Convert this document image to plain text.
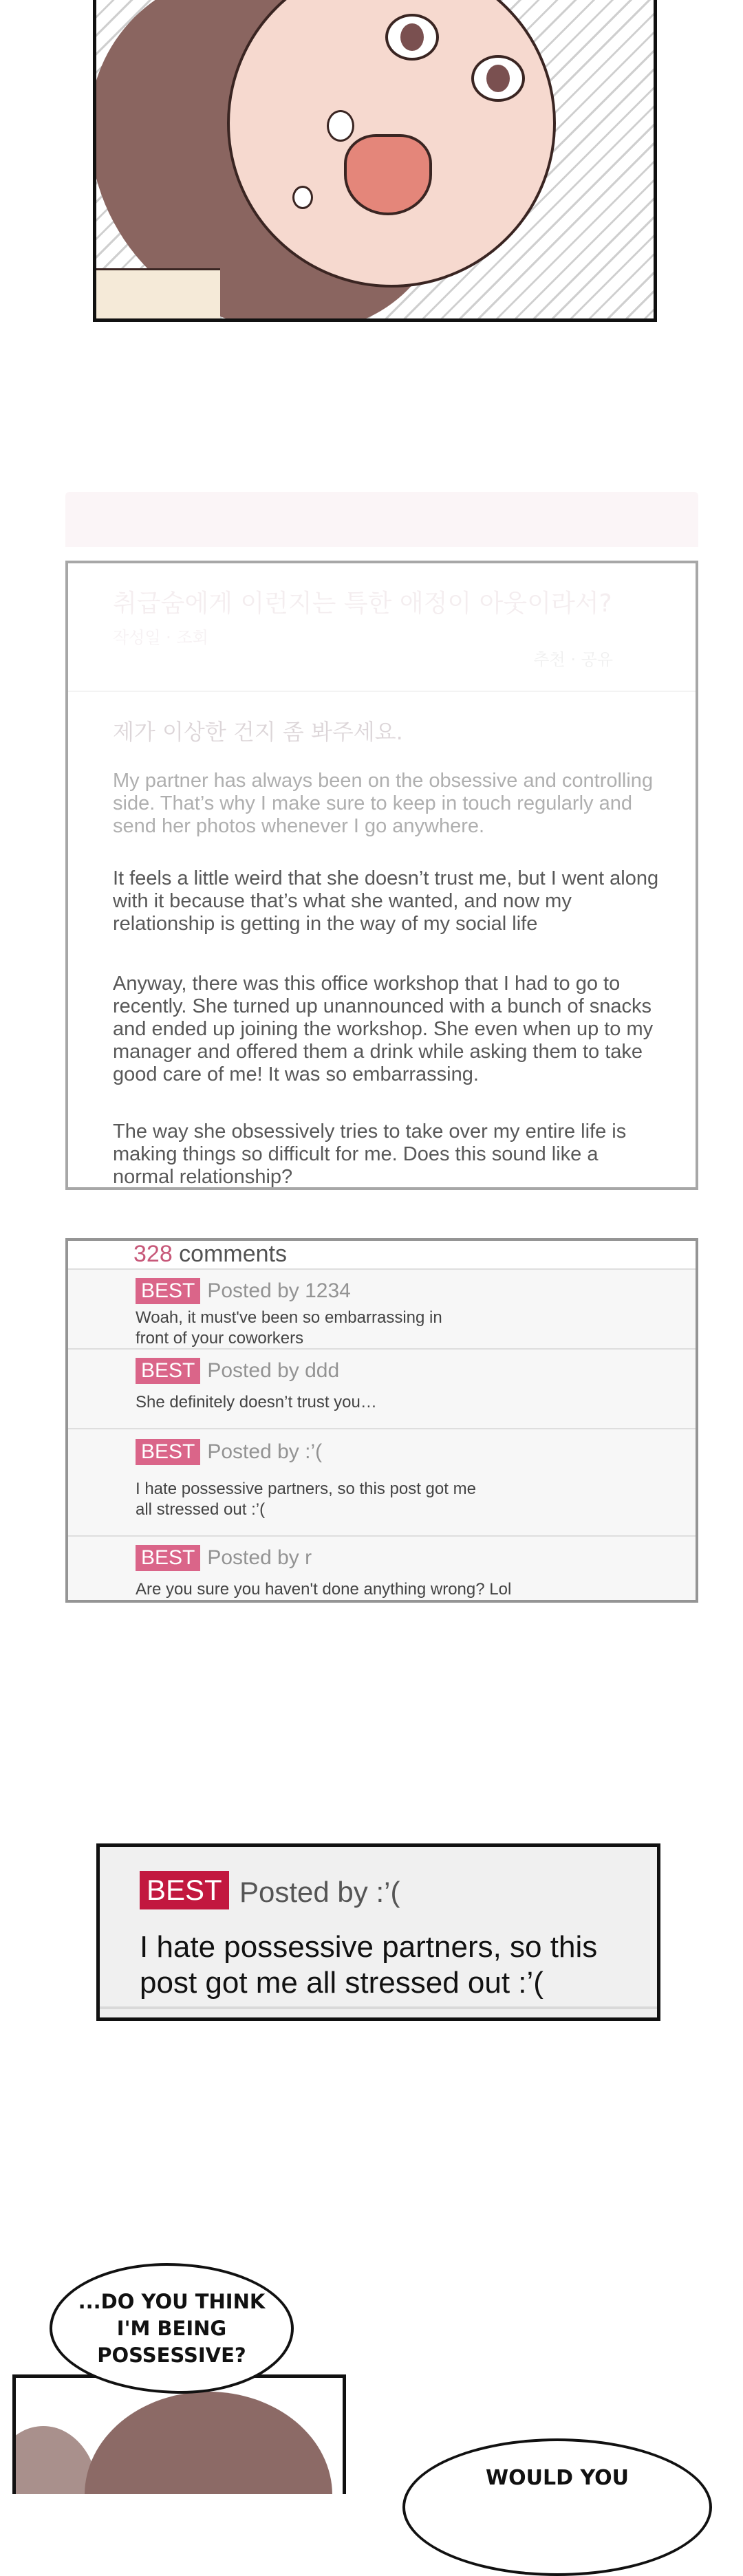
취급숨에게 이런지는 특한 애정이 아웃이라서?
작성일 · 조회
추천 · 공유
제가 이상한 건지 좀 봐주세요.
My partner has always been on the obsessive and controlling side. That’s why I make sure to keep in touch regularly and send her photos whenever I go anywhere.
It feels a little weird that she doesn’t trust me, but I went along with it because that’s what she wanted, and now my relationship is getting in the way of my social life
Anyway, there was this office workshop that I had to go to recently. She turned up unannounced with a bunch of snacks and ended up joining the workshop. She even when up to my manager and offered them a drink while asking them to take good care of me! It was so embarrassing.
The way she obsessively tries to take over my entire life is making things so difficult for me. Does this sound like a normal relationship?
328 comments
BEST Posted by 1234
Woah, it must've been so embarrassing in front of your coworkers
BEST Posted by ddd
She definitely doesn’t trust you…
BEST Posted by :’(
I hate possessive partners, so this post got me all stressed out :’(
BEST Posted by r
Are you sure you haven't done anything wrong? Lol
BEST Posted by :’(
I hate possessive partners, so this post got me all stressed out :’(
...DO YOU THINK I'M BEING POSSESSIVE?
WOULD YOU
